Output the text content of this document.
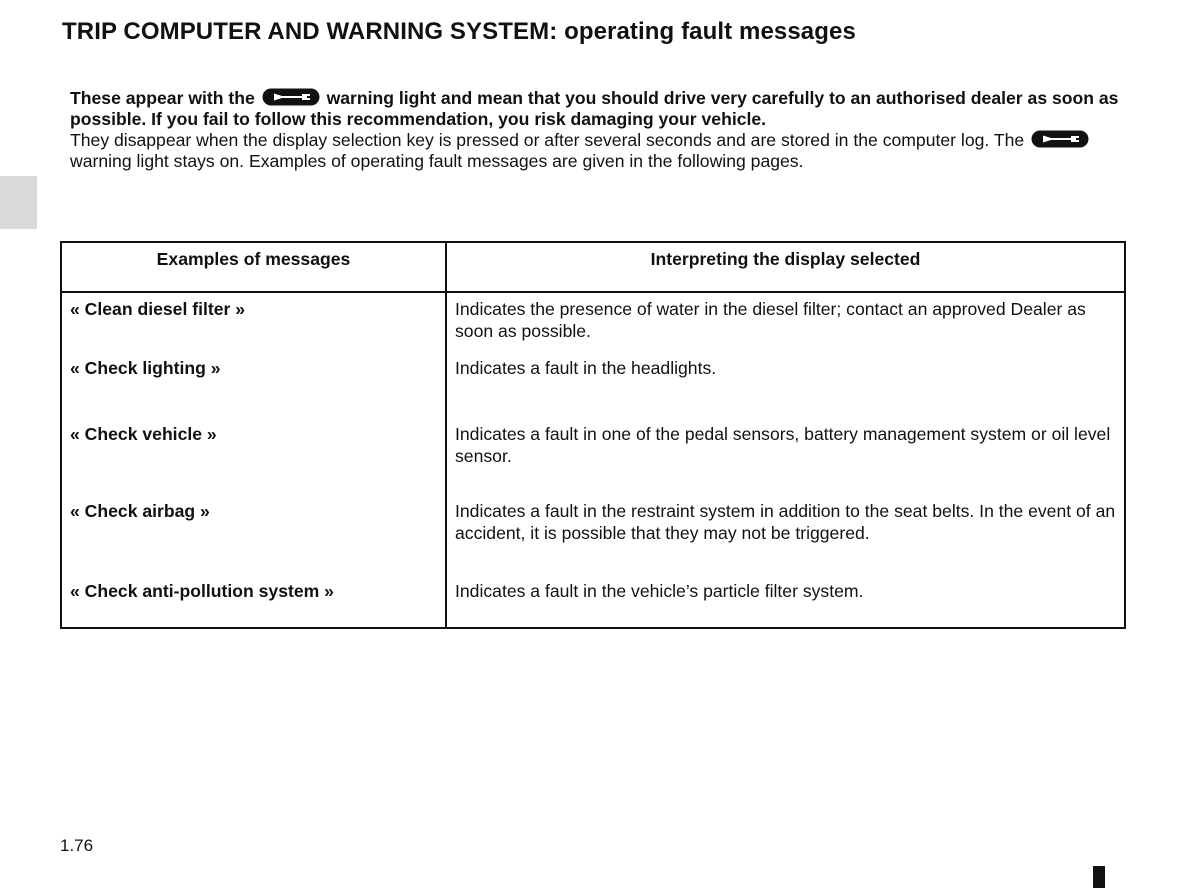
TRIP COMPUTER AND WARNING SYSTEM: operating fault messages

These appear with the	warning light and mean that you should drive very carefully to an authorised dealer as soon as possible. If you fail to follow this recommendation, you risk damaging your vehicle.

They disappear when the display selection key is pressed or after several seconds and are stored in the computer log. The
warning light stays on. Examples of operating fault messages are given in the following pages.

Examples of messages	Interpreting the display selected
« Clean diesel filter »	Indicates the presence of water in the diesel filter; contact an approved Dealer as soon as possible.
« Check lighting »	Indicates a fault in the headlights.
« Check vehicle »	Indicates a fault in one of the pedal sensors, battery management system or oil level sensor.
« Check airbag »	Indicates a fault in the restraint system in addition to the seat belts. In the event of an accident, it is possible that they may not be triggered.
« Check anti-pollution system »	Indicates a fault in the vehicle’s particle filter system.
1.76
